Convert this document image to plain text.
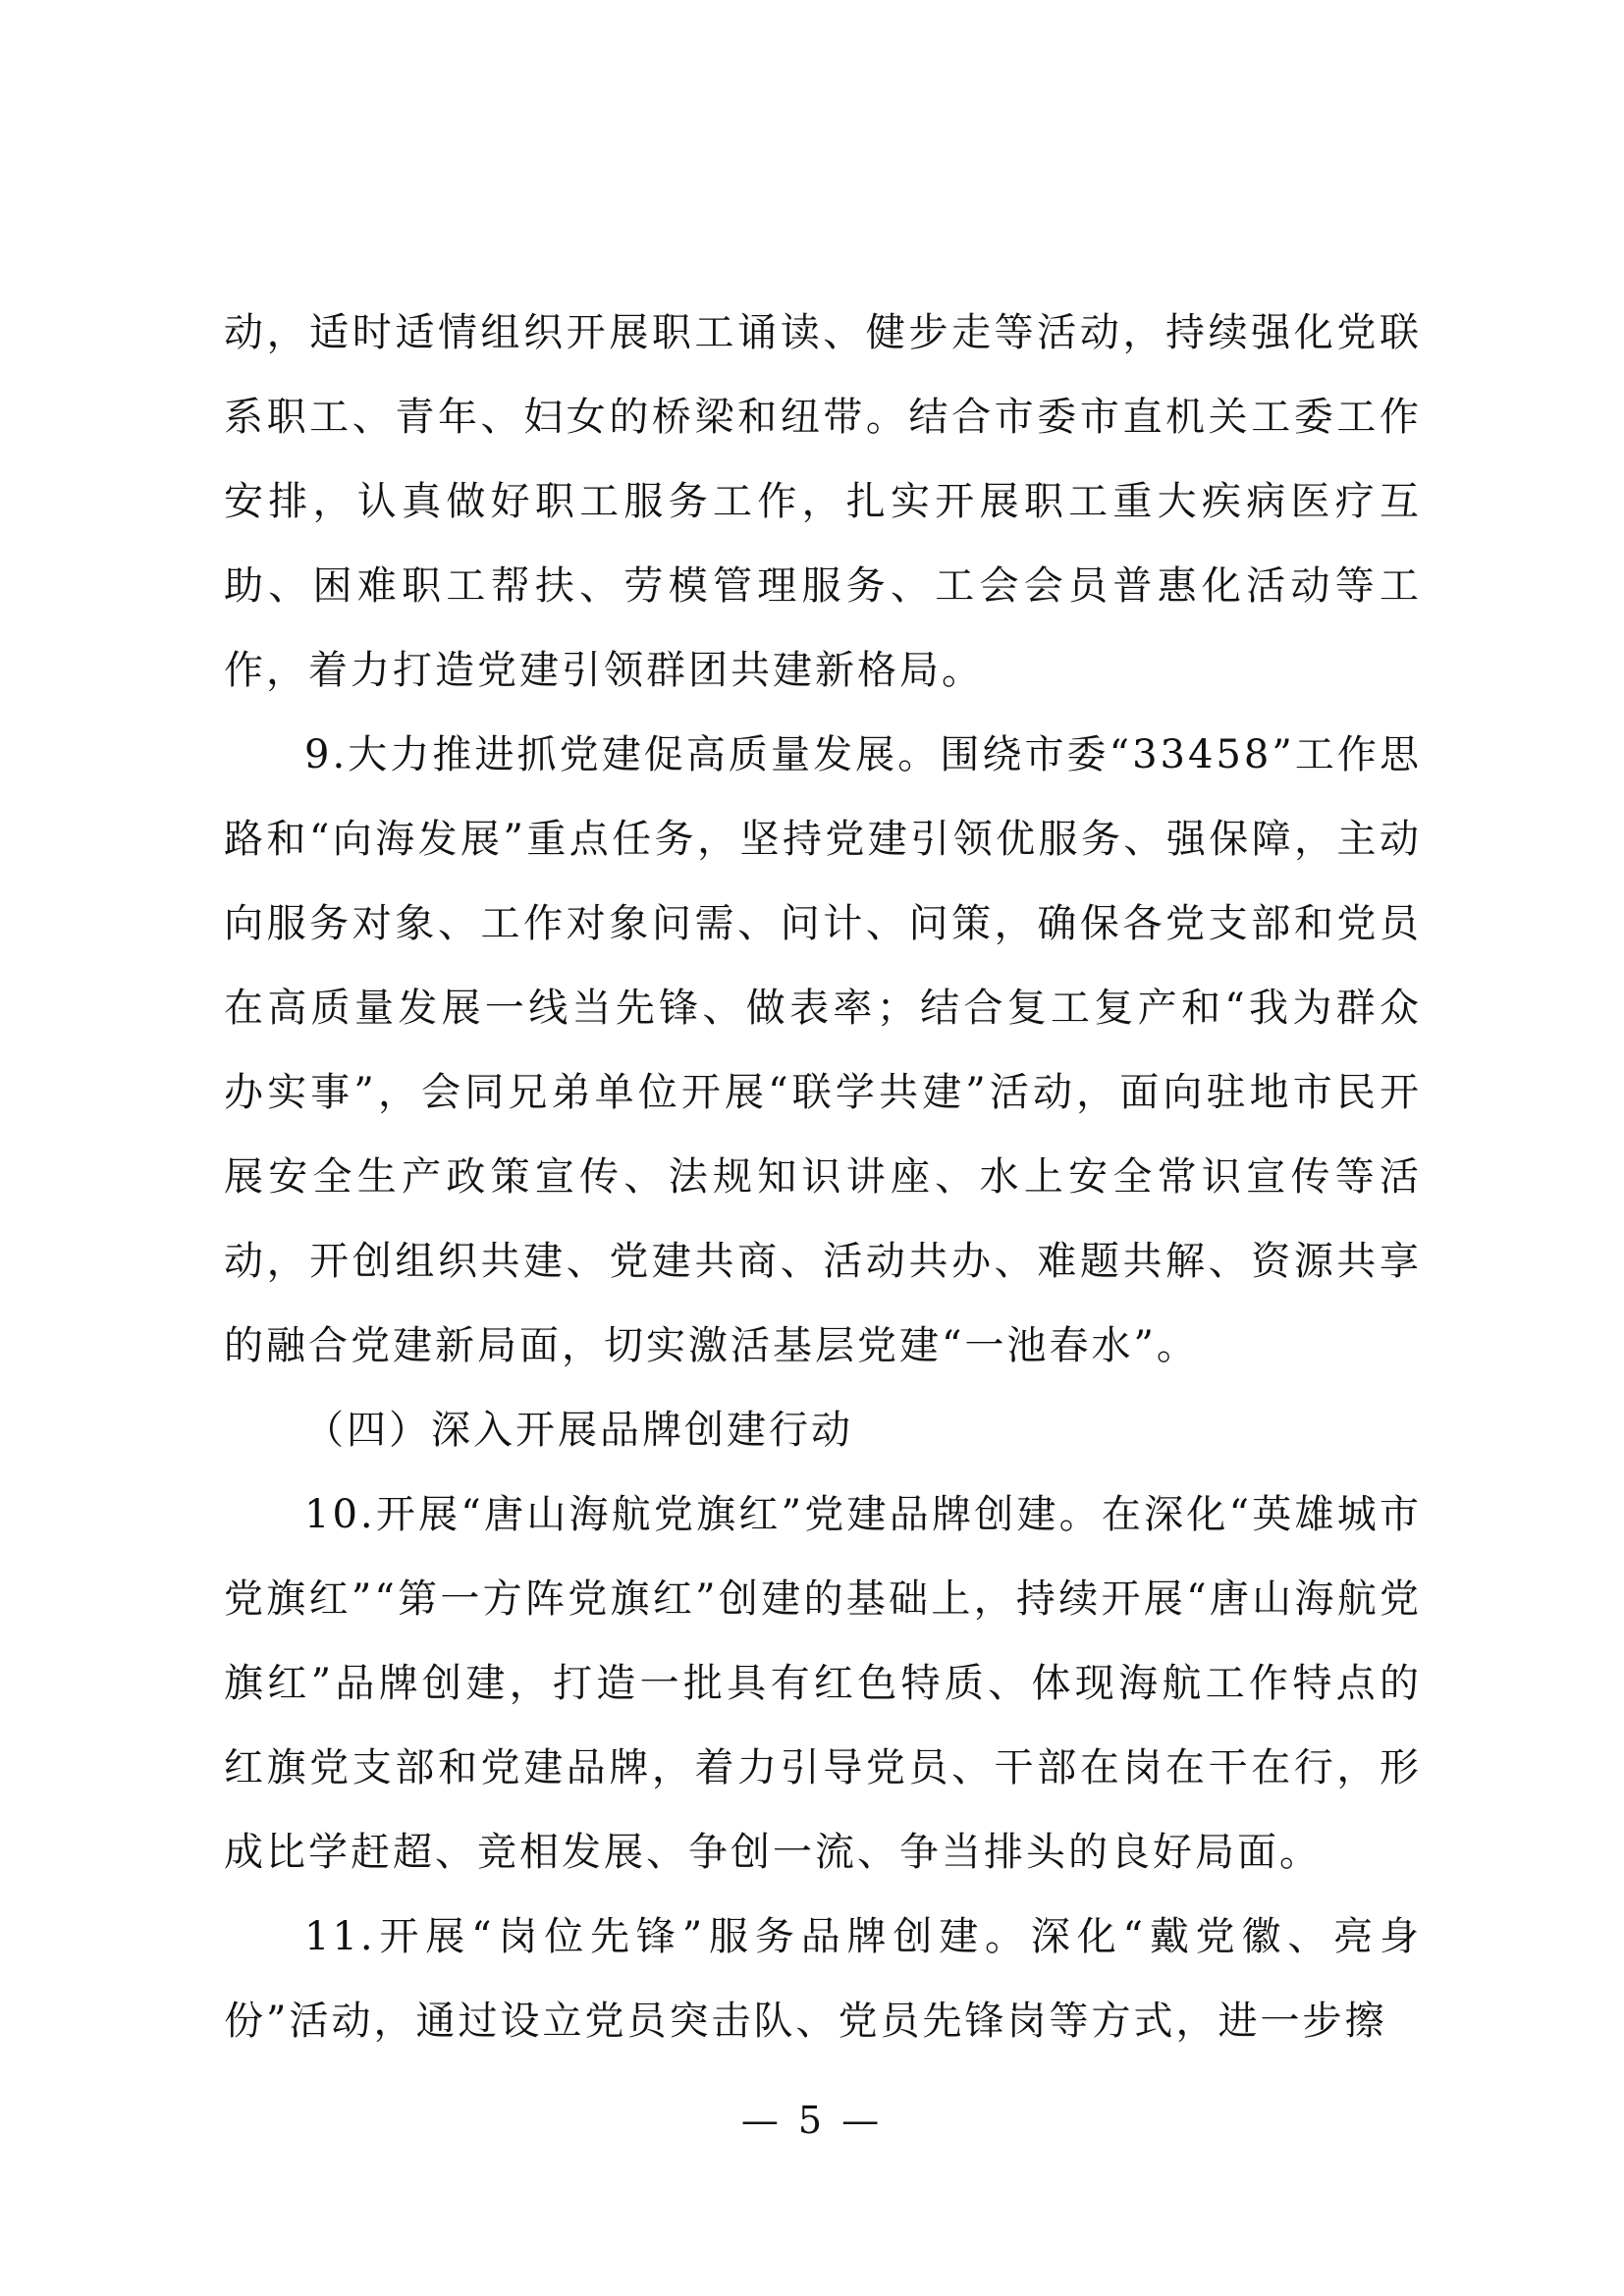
动，适时适情组织开展职工诵读、健步走等活动，持续强化党联系职工、青年、妇女的桥梁和纽带。结合市委市直机关工委工作安排，认真做好职工服务工作，扎实开展职工重大疾病医疗互助、困难职工帮扶、劳模管理服务、工会会员普惠化活动等工作，着力打造党建引领群团共建新格局。

9.大力推进抓党建促高质量发展。围绕市委“33458”工作思路和“向海发展”重点任务，坚持党建引领优服务、强保障，主动向服务对象、工作对象问需、问计、问策，确保各党支部和党员在高质量发展一线当先锋、做表率；结合复工复产和“我为群众办实事”，会同兄弟单位开展“联学共建”活动，面向驻地市民开展安全生产政策宣传、法规知识讲座、水上安全常识宣传等活动，开创组织共建、党建共商、活动共办、难题共解、资源共享的融合党建新局面，切实激活基层党建“一池春水”。

（四）深入开展品牌创建行动

10.开展“唐山海航党旗红”党建品牌创建。在深化“英雄城市党旗红”“第一方阵党旗红”创建的基础上，持续开展“唐山海航党旗红”品牌创建，打造一批具有红色特质、体现海航工作特点的红旗党支部和党建品牌，着力引导党员、干部在岗在干在行，形成比学赶超、竞相发展、争创一流、争当排头的良好局面。

11.开展“岗位先锋”服务品牌创建。深化“戴党徽、亮身份”活动，通过设立党员突击队、党员先锋岗等方式，进一步擦

— 5 —
